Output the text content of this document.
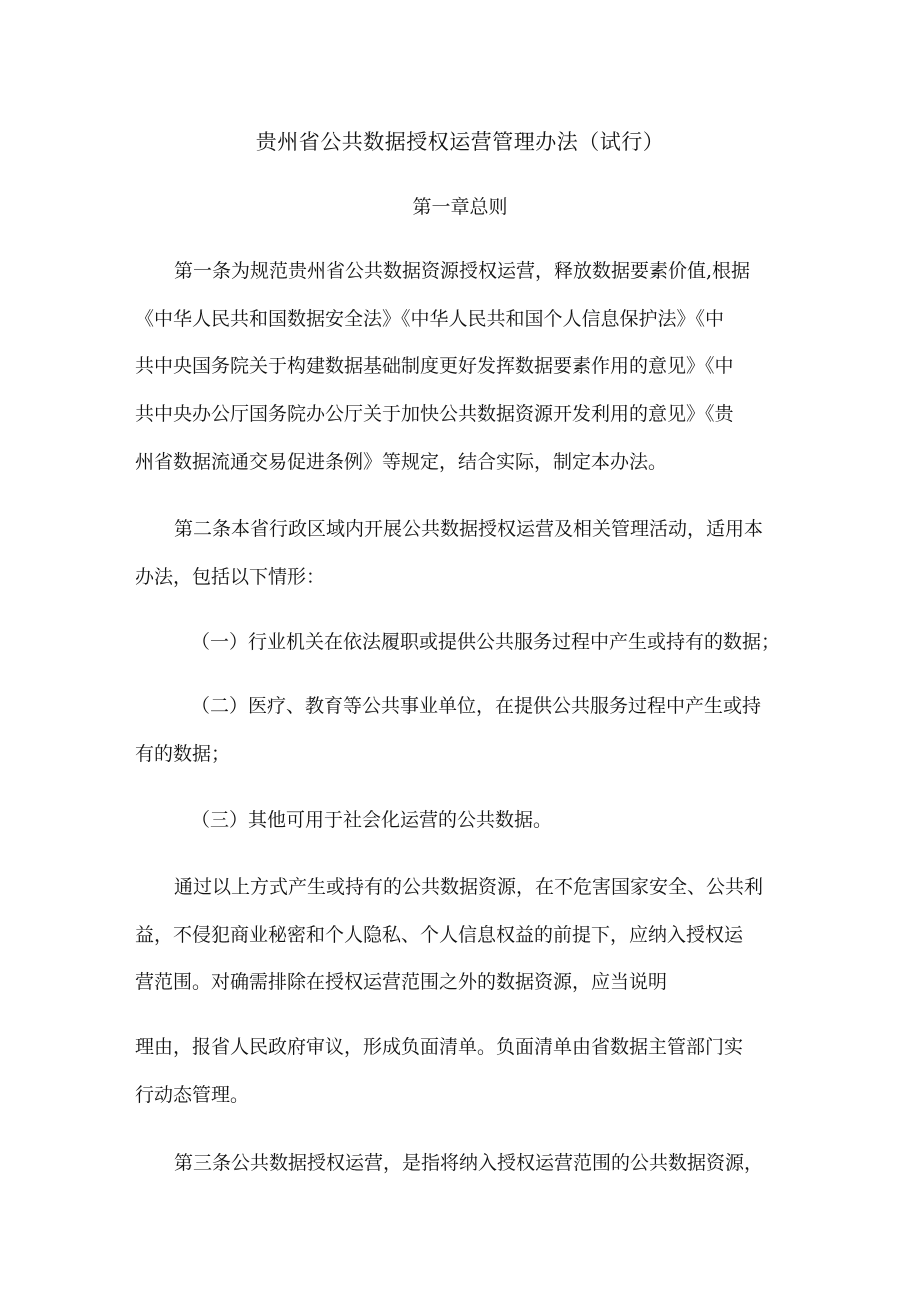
贵州省公共数据授权运营管理办法（试行）
第一章总则
第一条为规范贵州省公共数据资源授权运营，释放数据要素价值,根据
《中华人民共和国数据安全法》《中华人民共和国个人信息保护法》《中
共中央国务院关于构建数据基础制度更好发挥数据要素作用的意见》《中
共中央办公厅国务院办公厅关于加快公共数据资源开发利用的意见》《贵
州省数据流通交易促进条例》等规定，结合实际，制定本办法。
第二条本省行政区域内开展公共数据授权运营及相关管理活动，适用本
办法，包括以下情形：
（一）行业机关在依法履职或提供公共服务过程中产生或持有的数据；
（二）医疗、教育等公共事业单位，在提供公共服务过程中产生或持
有的数据；
（三）其他可用于社会化运营的公共数据。
通过以上方式产生或持有的公共数据资源，在不危害国家安全、公共利
益，不侵犯商业秘密和个人隐私、个人信息权益的前提下，应纳入授权运
营范围。对确需排除在授权运营范围之外的数据资源，应当说明
理由，报省人民政府审议，形成负面清单。负面清单由省数据主管部门实
行动态管理。
第三条公共数据授权运营，是指将纳入授权运营范围的公共数据资源，
